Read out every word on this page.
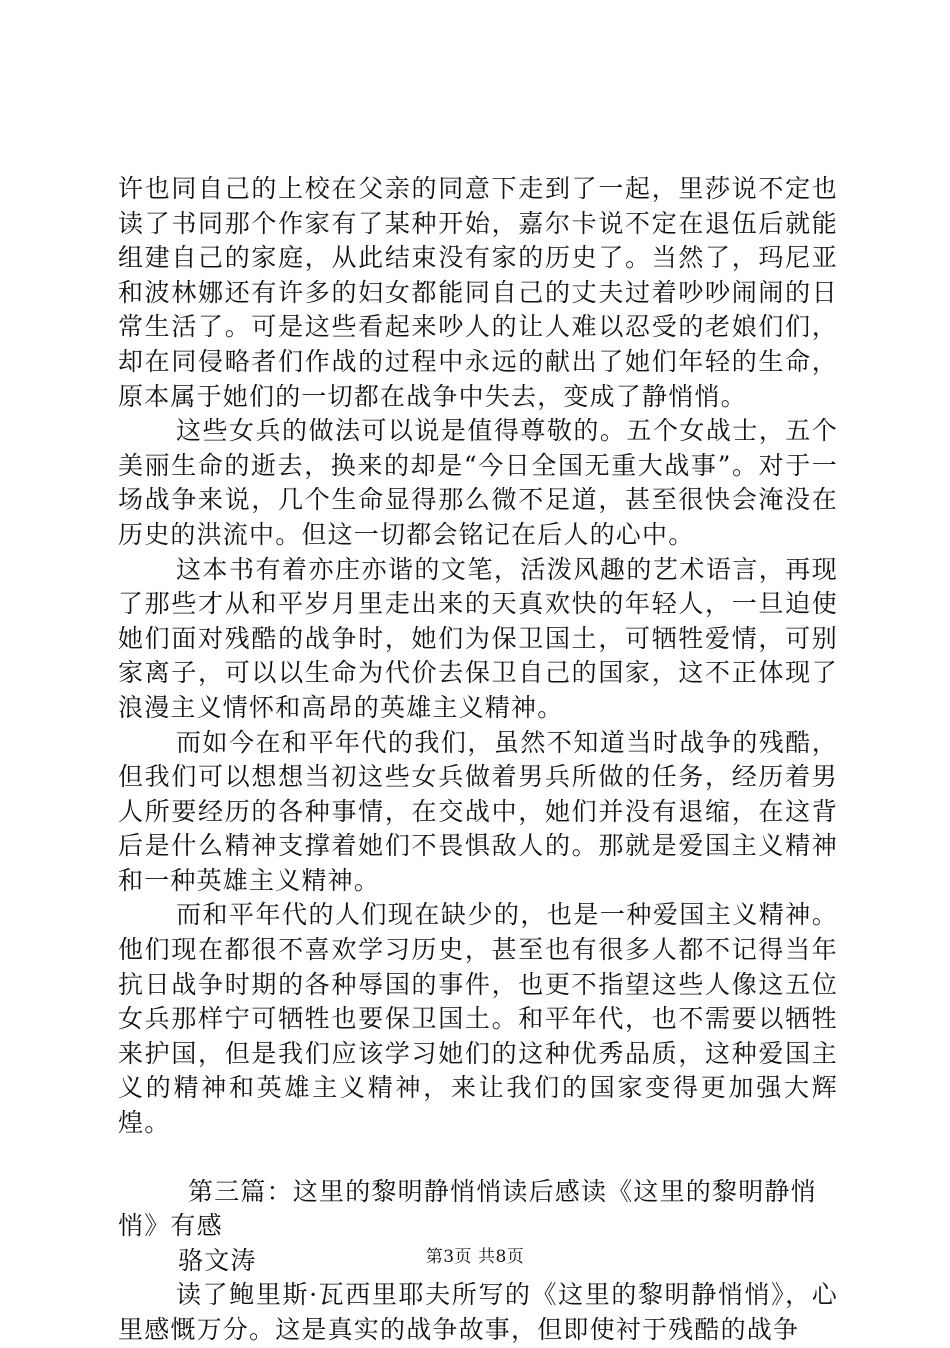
许也同自己的上校在父亲的同意下走到了一起，里莎说不定也读了书同那个作家有了某种开始，嘉尔卡说不定在退伍后就能组建自己的家庭，从此结束没有家的历史了。当然了，玛尼亚和波林娜还有许多的妇女都能同自己的丈夫过着吵吵闹闹的日常生活了。可是这些看起来吵人的让人难以忍受的老娘们们，却在同侵略者们作战的过程中永远的献出了她们年轻的生命，原本属于她们的一切都在战争中失去，变成了静悄悄。

这些女兵的做法可以说是值得尊敬的。五个女战士，五个美丽生命的逝去，换来的却是“今日全国无重大战事”。对于一场战争来说，几个生命显得那么微不足道，甚至很快会淹没在历史的洪流中。但这一切都会铭记在后人的心中。

这本书有着亦庄亦谐的文笔，活泼风趣的艺术语言，再现了那些才从和平岁月里走出来的天真欢快的年轻人，一旦迫使她们面对残酷的战争时，她们为保卫国土，可牺牲爱情，可别家离子，可以以生命为代价去保卫自己的国家，这不正体现了浪漫主义情怀和高昂的英雄主义精神。

而如今在和平年代的我们，虽然不知道当时战争的残酷，但我们可以想想当初这些女兵做着男兵所做的任务，经历着男人所要经历的各种事情，在交战中，她们并没有退缩，在这背后是什么精神支撑着她们不畏惧敌人的。那就是爱国主义精神和一种英雄主义精神。

而和平年代的人们现在缺少的，也是一种爱国主义精神。他们现在都很不喜欢学习历史，甚至也有很多人都不记得当年抗日战争时期的各种辱国的事件，也更不指望这些人像这五位女兵那样宁可牺牲也要保卫国土。和平年代，也不需要以牺牲来护国，但是我们应该学习她们的这种优秀品质，这种爱国主义的精神和英雄主义精神，来让我们的国家变得更加强大辉煌。

第三篇：这里的黎明静悄悄读后感读《这里的黎明静悄悄》有感

骆文涛

读了鲍里斯·瓦西里耶夫所写的《这里的黎明静悄悄》，心里感慨万分。这是真实的战争故事，但即使衬于残酷的战争

第3页 共8页
